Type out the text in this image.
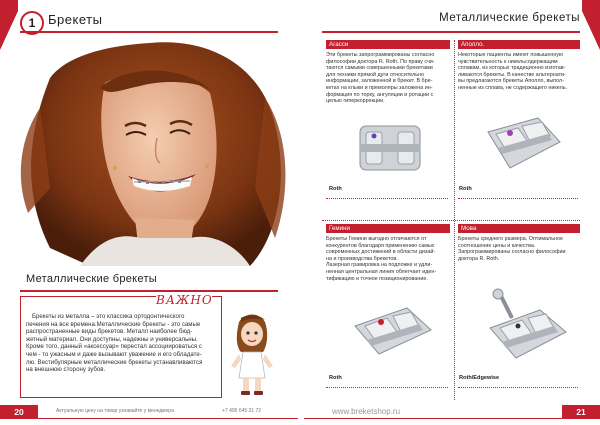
1 Брекеты	Металлические брекеты
Металлические брекеты
ВАЖНО
Брекеты из металла – это классика ортодонтического
печения на все времена.Металлические брекеты - это самые
распространенные виды брекетов. Металл наиболее бюд-
жетный материал. Они доступны, надежны и универсальны.
Кроме того, данный «аксессуар» перестал ассоциироваться с
чем - то ужасным и даже вызывают уважение и его обладате-
лю. Вестибулярные металлические брекеты устанавливаются
на внешнюю сторону зубов.
Агасси
Эти брекеты запрограммированы согласно
философии доктора R. Roth. По праву счи-
таются самыми совершенными брекетами
для техники прямой дуги относительно
информации, заложенной в брекет. В бре-
кетах на клыки и премоляры заложена ин-
формация по торку, ангуляции и ротации с
целью гиперкоррекции.
Roth
Аполло.
Некоторые пациенты имеют повышенную
чувствительность к никельсодержащим
сплавам, из которых традиционно изготав-
ливаются брекеты. В качестве альтернати-
вы предлагаются брекеты Аполло, выпол-
ненные из сплава, не содержащего никель.
Roth
Гемини
Брекеты Гемини выгодно отличаются от
конкурентов благодаря применению самых
современных достижений в области дизай-
на и производства брекетов.
Лазерная гравировка на подложке и удли-
ненная центральная линия облегчает иден-
тификацию и точное позиционирование.
Roth
Мова
Брекеты среднего размера. Оптимальное
соотношение цены и качества.
Запрограммированы согласно философии
доктора R. Roth.
Roth/Edgewise
20	Актуальную цену на товар узнавайте у менеджера	+7 495 645 31 72	www.breketshop.ru	21
